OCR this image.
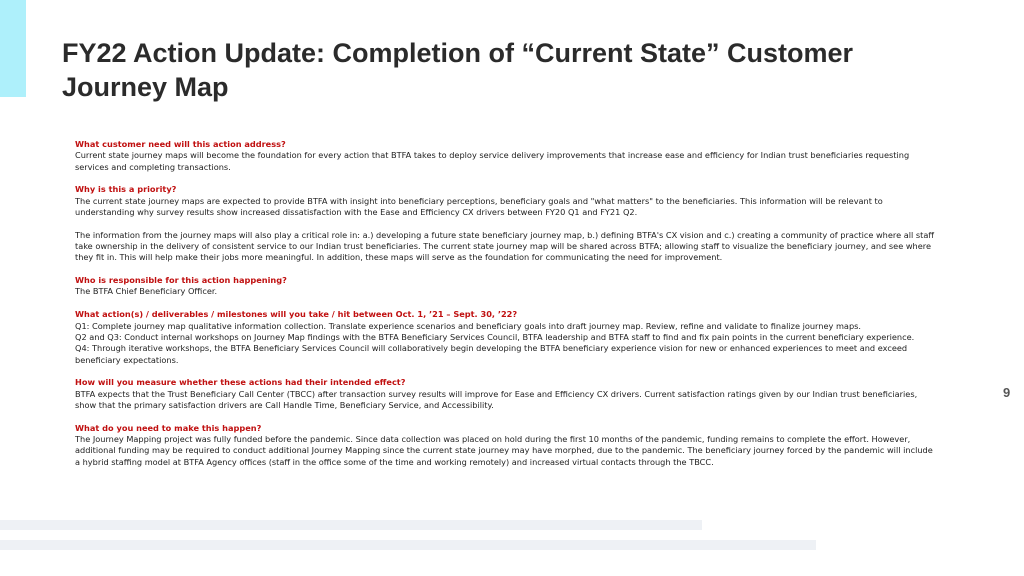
FY22 Action Update: Completion of “Current State” Customer Journey Map
What customer need will this action address?
Current state journey maps will become the foundation for every action that BTFA takes to deploy service delivery improvements that increase ease and efficiency for Indian trust beneficiaries requesting services and completing transactions.
Why is this a priority?
The current state journey maps are expected to provide BTFA with insight into beneficiary perceptions, beneficiary goals and "what matters" to the beneficiaries. This information will be relevant to understanding why survey results show increased dissatisfaction with the Ease and Efficiency CX drivers between FY20 Q1 and FY21 Q2.
The information from the journey maps will also play a critical role in: a.) developing a future state beneficiary journey map, b.) defining BTFA's CX vision and c.) creating a community of practice where all staff take ownership in the delivery of consistent service to our Indian trust beneficiaries. The current state journey map will be shared across BTFA; allowing staff to visualize the beneficiary journey, and see where they fit in. This will help make their jobs more meaningful. In addition, these maps will serve as the foundation for communicating the need for improvement.
Who is responsible for this action happening?
The BTFA Chief Beneficiary Officer.
What action(s) / deliverables / milestones will you take / hit between Oct. 1, ’21 – Sept. 30, ’22?
Q1: Complete journey map qualitative information collection. Translate experience scenarios and beneficiary goals into draft journey map. Review, refine and validate to finalize journey maps.
Q2 and Q3: Conduct internal workshops on Journey Map findings with the BTFA Beneficiary Services Council, BTFA leadership and BTFA staff to find and fix pain points in the current beneficiary experience.
Q4: Through iterative workshops, the BTFA Beneficiary Services Council will collaboratively begin developing the BTFA beneficiary experience vision for new or enhanced experiences to meet and exceed beneficiary expectations.
How will you measure whether these actions had their intended effect?
BTFA expects that the Trust Beneficiary Call Center (TBCC) after transaction survey results will improve for Ease and Efficiency CX drivers. Current satisfaction ratings given by our Indian trust beneficiaries, show that the primary satisfaction drivers are Call Handle Time, Beneficiary Service, and Accessibility.
What do you need to make this happen?
The Journey Mapping project was fully funded before the pandemic. Since data collection was placed on hold during the first 10 months of the pandemic, funding remains to complete the effort. However, additional funding may be required to conduct additional Journey Mapping since the current state journey may have morphed, due to the pandemic. The beneficiary journey forced by the pandemic will include a hybrid staffing model at BTFA Agency offices (staff in the office some of the time and working remotely) and increased virtual contacts through the TBCC.
9
